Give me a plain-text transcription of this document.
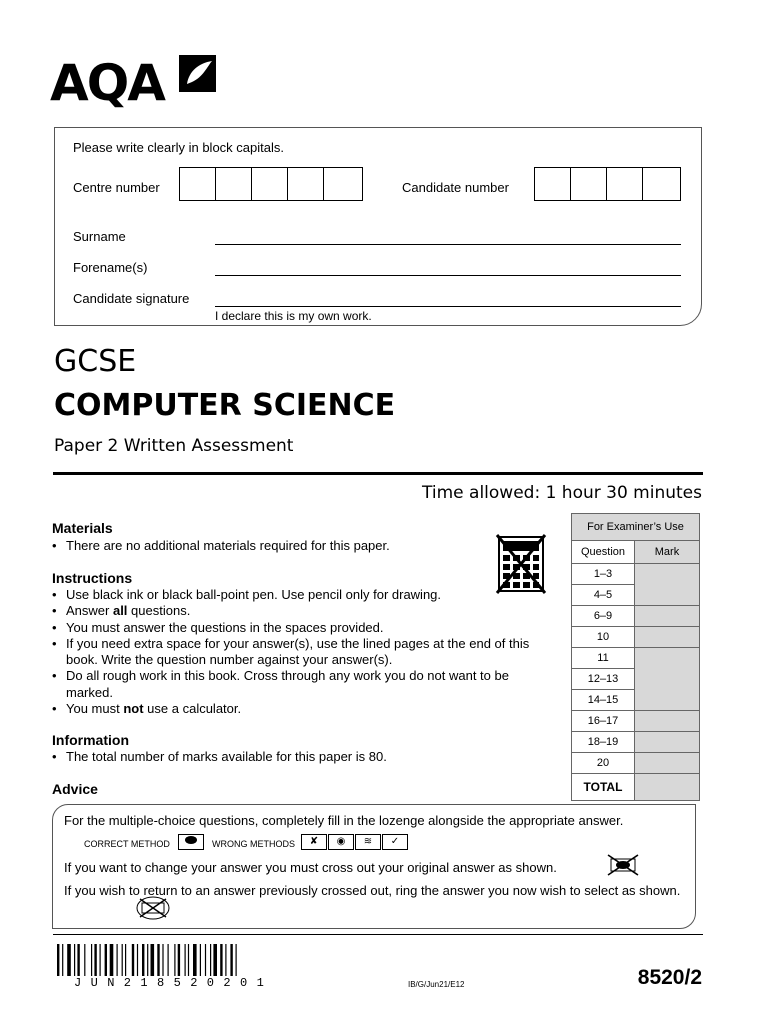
AQA
Please write clearly in block capitals.
Centre number	Candidate number
Surname
Forename(s)
Candidate signature
I declare this is my own work.
GCSE
COMPUTER SCIENCE
Paper 2 Written Assessment
Time allowed: 1 hour 30 minutes
Materials
• There are no additional materials required for this paper.
Instructions
• Use black ink or black ball-point pen. Use pencil only for drawing.
• Answer all questions.
• You must answer the questions in the spaces provided.
• If you need extra space for your answer(s), use the lined pages at the end of this book. Write the question number against your answer(s).
• Do all rough work in this book. Cross through any work you do not want to be marked.
• You must not use a calculator.
Information
• The total number of marks available for this paper is 80.
Advice
For the multiple-choice questions, completely fill in the lozenge alongside the appropriate answer.
CORRECT METHOD	WRONG METHODS	✘	◉	≋	✓
If you want to change your answer you must cross out your original answer as shown.
If you wish to return to an answer previously crossed out, ring the answer you now wish to select as shown.
For Examiner’s Use	
Question	Mark
1–3	
4–5	
6–9	
10	
11	
12–13	
14–15	
16–17	
18–19	
20	
TOTAL	
JUN218520201	IB/G/Jun21/E12	8520/2
